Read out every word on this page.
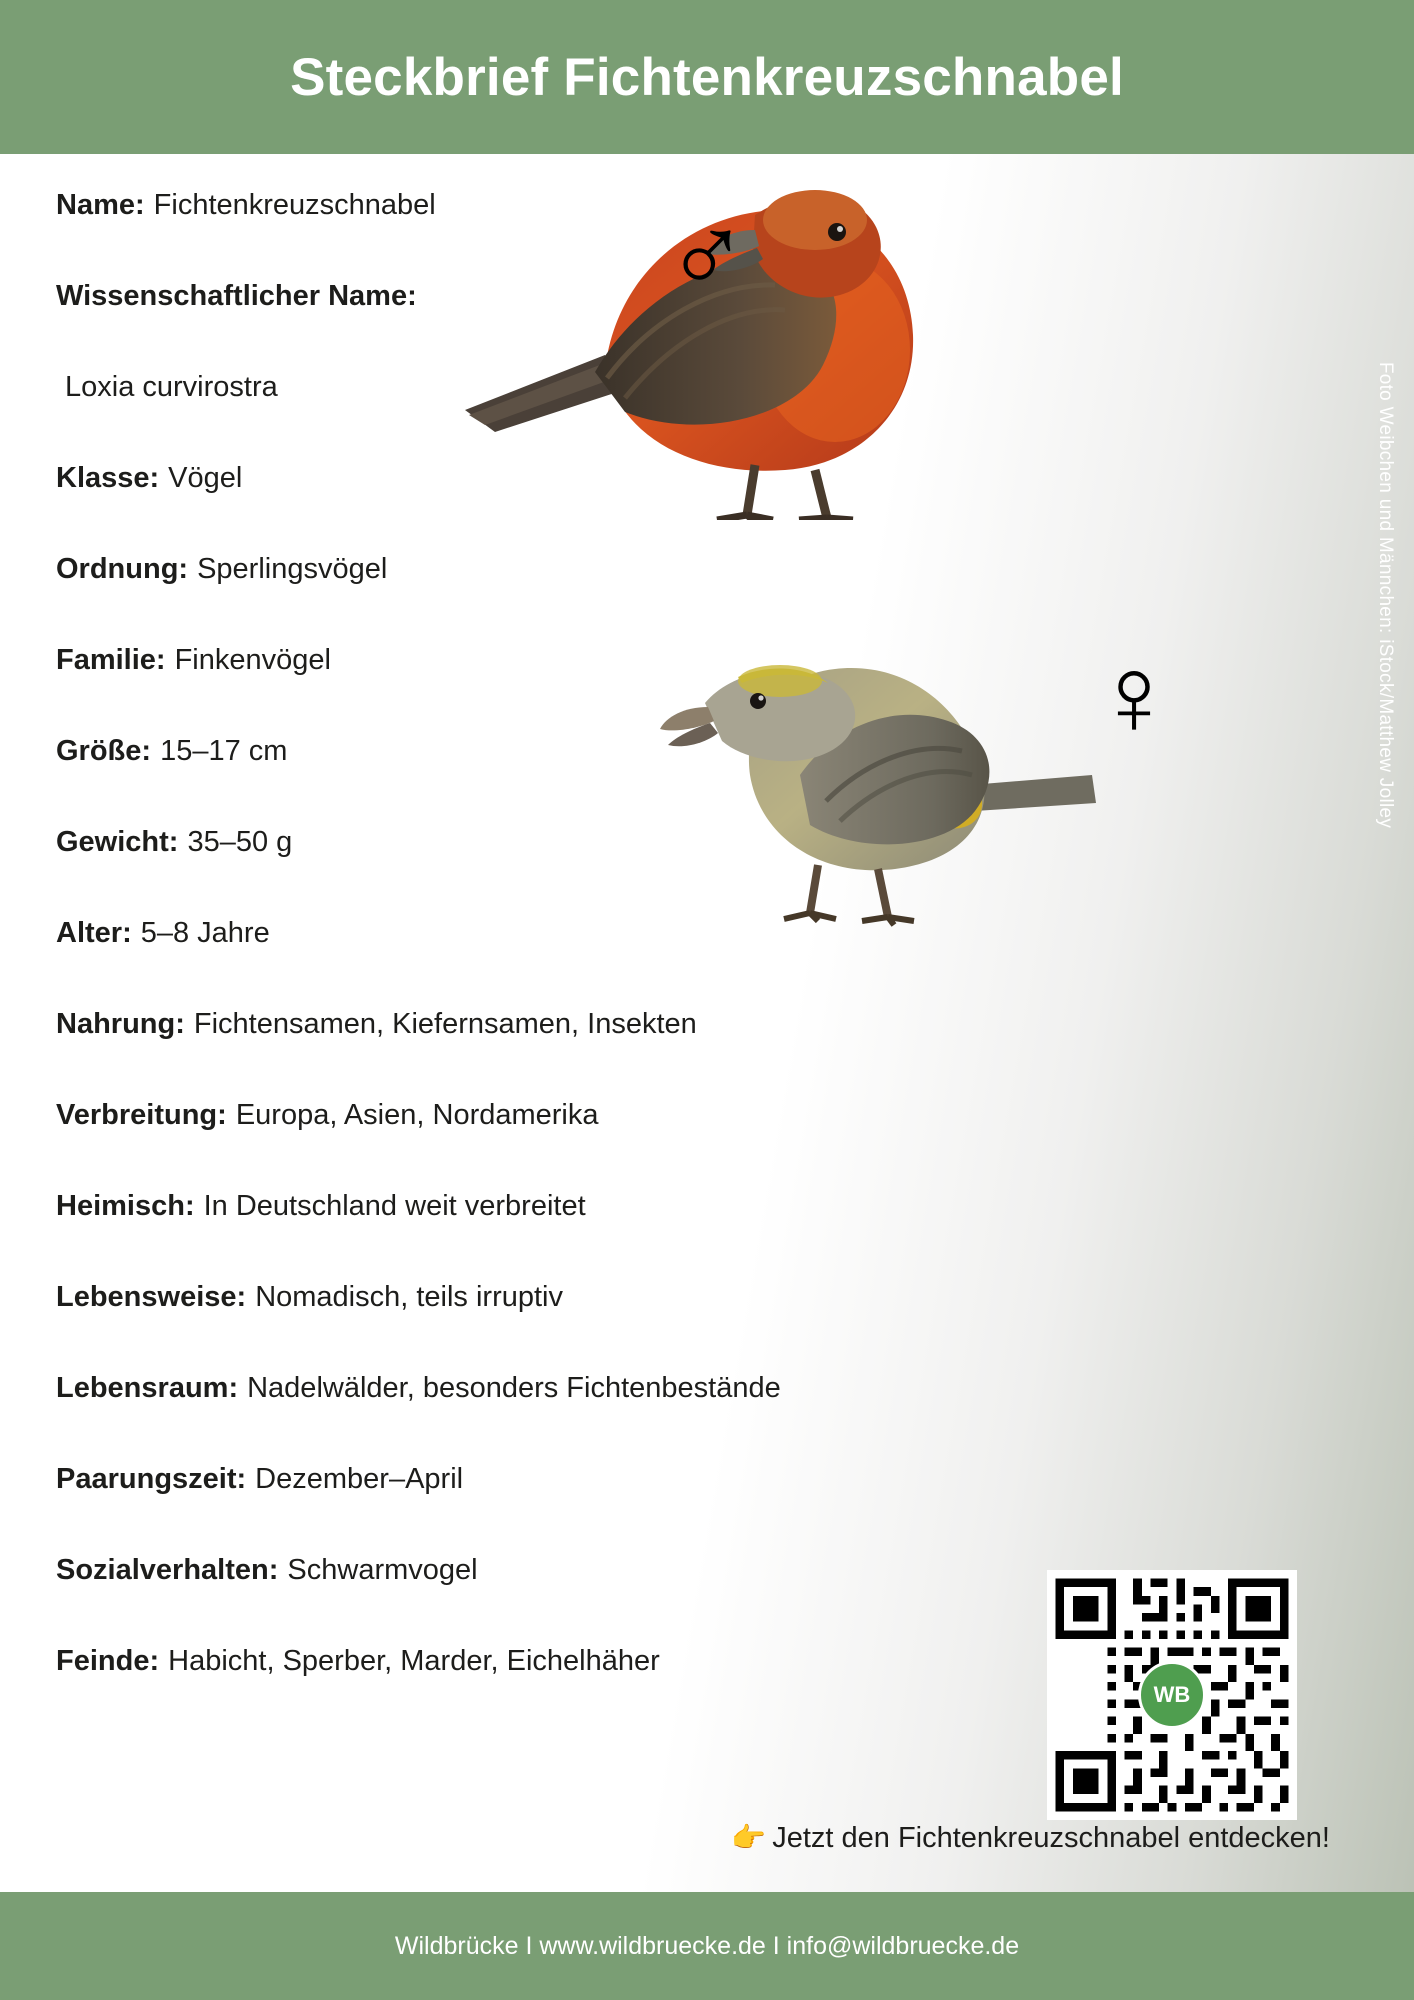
Steckbrief Fichtenkreuzschnabel
♂
♀	Foto Weibchen und Männchen: iStock/Matthew Jolley
Name: Fichtenkreuzschnabel
Wissenschaftlicher Name:
Loxia curvirostra
Klasse: Vögel
Ordnung: Sperlingsvögel
Familie: Finkenvögel
Größe: 15–17 cm
Gewicht: 35–50 g
Alter: 5–8 Jahre
Nahrung: Fichtensamen, Kiefernsamen, Insekten
Verbreitung: Europa, Asien, Nordamerika
Heimisch: In Deutschland weit verbreitet
Lebensweise: Nomadisch, teils irruptiv
Lebensraum: Nadelwälder, besonders Fichtenbestände
Paarungszeit: Dezember–April
Sozialverhalten: Schwarmvogel
Feinde: Habicht, Sperber, Marder, Eichelhäher
WB
👉 Jetzt den Fichtenkreuzschnabel entdecken!
Wildbrücke I www.wildbruecke.de I info@wildbruecke.de
